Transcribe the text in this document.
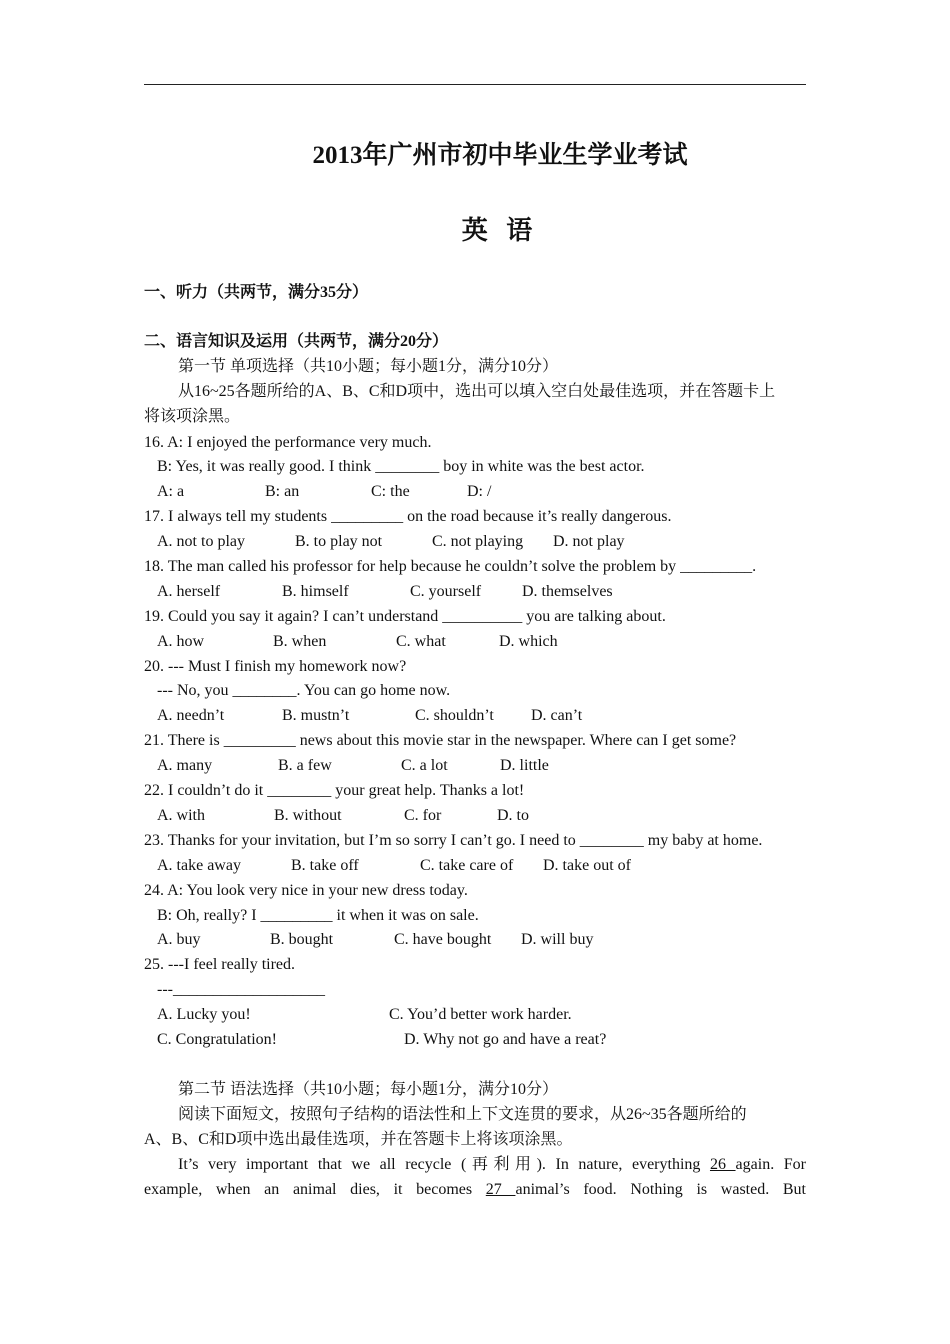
2013年广州市初中毕业生学业考试
英 语
一、听力（共两节，满分35分）
二、语言知识及运用（共两节，满分20分）
第一节 单项选择（共10小题；每小题1分，满分10分）
从16~25各题所给的A、B、C和D项中，选出可以填入空白处最佳选项，并在答题卡上
将该项涂黑。
16. A: I enjoyed the performance very much.
B: Yes, it was really good. I think ________ boy in white was the best actor.
A: a	B: an	C: the	D: /
17. I always tell my students _________ on the road because it’s really dangerous.
A. not to play	B. to play not	C. not playing D. not play
18. The man called his professor for help because he couldn’t solve the problem by _________.
A. herself	B. himself	C. yourself	D. themselves
19. Could you say it again? I can’t understand __________ you are talking about.
A. how	B. when	C. what	D. which
20. --- Must I finish my homework now?
--- No, you ________. You can go home now.
A. needn’t	B. mustn’t	C. shouldn’t D. can’t
21. There is _________ news about this movie star in the newspaper. Where can I get some?
A. many	B. a few	C. a lot	D. little
22. I couldn’t do it ________ your great help. Thanks a lot!
A. with	B. without	C. for	D. to
23. Thanks for your invitation, but I’m so sorry I can’t go. I need to ________ my baby at home.
A. take away	B. take off	C. take care of D. take out of
24. A: You look very nice in your new dress today.
B: Oh, really? I _________ it when it was on sale.
A. buy	B. bought	C. have bought D. will buy
25. ---I feel really tired.
---___________________
A. Lucky you!	C. You’d better work harder.
C. Congratulation!	D. Why not go and have a reat?
第二节 语法选择（共10小题；每小题1分，满分10分）
阅读下面短文，按照句子结构的语法性和上下文连贯的要求，从26~35各题所给的
A、B、C和D项中选出最佳选项，并在答题卡上将该项涂黑。
It’s very important that we all recycle (再利用). In nature, everything 26 again. For
example, when an animal dies, it becomes 27 animal’s food. Nothing is wasted. But
